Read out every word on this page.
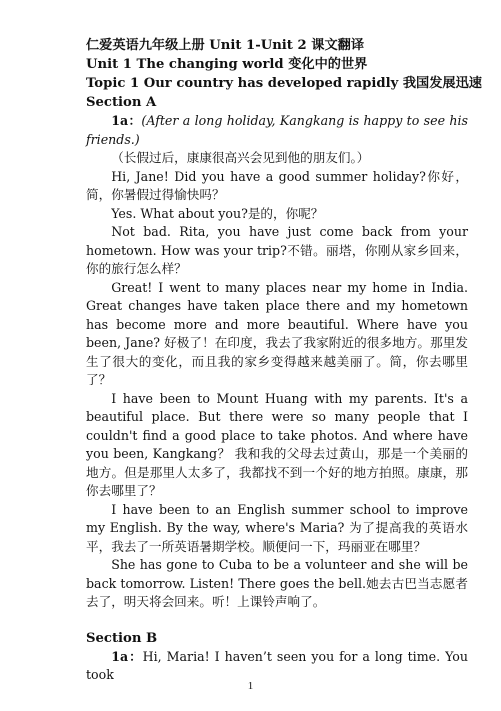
仁爱英语九年级上册 Unit 1-Unit 2 课文翻译

Unit 1 The changing world 变化中的世界

Topic 1 Our country has developed rapidly 我国发展迅速

Section A

1a：(After a long holiday, Kangkang is happy to see his friends.)

（长假过后，康康很高兴会见到他的朋友们。）

Hi, Jane! Did you have a good summer holiday?你好，简，你暑假过得愉快吗？

Yes. What about you?是的，你呢？

Not bad. Rita, you have just come back from your hometown. How was your trip?不错。丽塔，你刚从家乡回来，你的旅行怎么样？

Great! I went to many places near my home in India. Great changes have taken place there and my hometown has become more and more beautiful. Where have you been, Jane? 好极了！在印度，我去了我家附近的很多地方。那里发生了很大的变化，而且我的家乡变得越来越美丽了。简，你去哪里了？

I have been to Mount Huang with my parents. It's a beautiful place. But there were so many people that I couldn't find a good place to take photos. And where have you been, Kangkang？ 我和我的父母去过黄山，那是一个美丽的地方。但是那里人太多了，我都找不到一个好的地方拍照。康康，那你去哪里了？

I have been to an English summer school to improve my English. By the way, where's Maria? 为了提高我的英语水平，我去了一所英语暑期学校。顺便问一下，玛丽亚在哪里？

She has gone to Cuba to be a volunteer and she will be back tomorrow. Listen! There goes the bell.她去古巴当志愿者去了，明天将会回来。听！上课铃声响了。

Section B

1a：Hi, Maria! I haven’t seen you for a long time. You took

1
